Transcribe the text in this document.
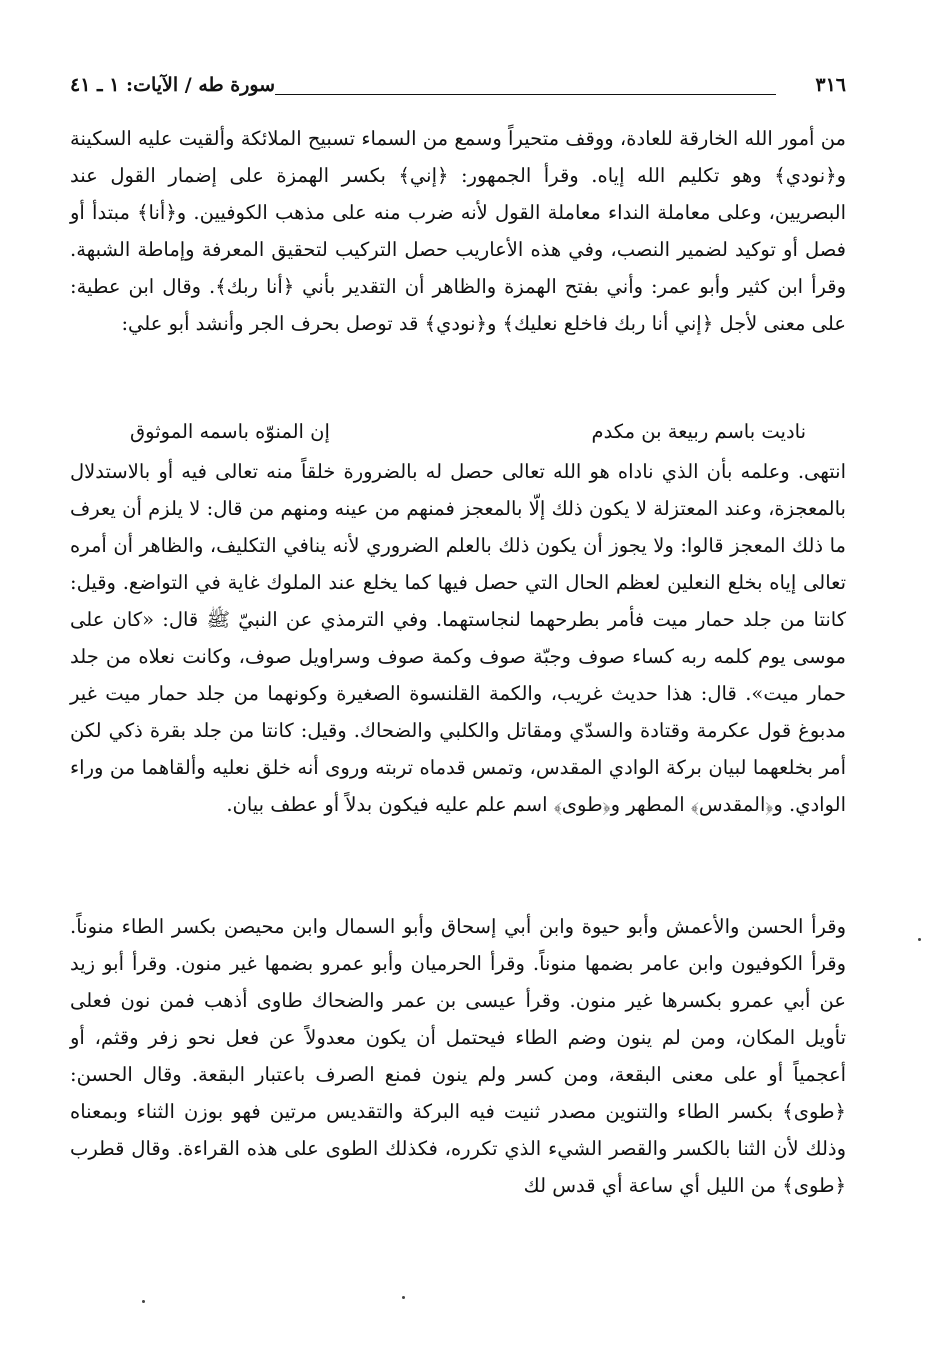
٣١٦
سورة طه / الآيات: ١ ـ ٤١

من أمور الله الخارقة للعادة، ووقف متحيراً وسمع من السماء تسبيح الملائكة وألقيت عليه السكينة و﴿نودي﴾ وهو تكليم الله إياه. وقرأ الجمهور: ﴿إني﴾ بكسر الهمزة على إضمار القول عند البصريين، وعلى معاملة النداء معاملة القول لأنه ضرب منه على مذهب الكوفيين. و﴿أنا﴾ مبتدأ أو فصل أو توكيد لضمير النصب، وفي هذه الأعاريب حصل التركيب لتحقيق المعرفة وإماطة الشبهة. وقرأ ابن كثير وأبو عمر: وأني بفتح الهمزة والظاهر أن التقدير بأني ﴿أنا ربك﴾. وقال ابن عطية: على معنى لأجل ﴿إني أنا ربك فاخلع نعليك﴾ و﴿نودي﴾ قد توصل بحرف الجر وأنشد أبو علي:

ناديت باسم ربيعة بن مكدم
إن المنوّه باسمه الموثوق

انتهى. وعلمه بأن الذي ناداه هو الله تعالى حصل له بالضرورة خلقاً منه تعالى فيه أو بالاستدلال بالمعجزة، وعند المعتزلة لا يكون ذلك إلّا بالمعجز فمنهم من عينه ومنهم من قال: لا يلزم أن يعرف ما ذلك المعجز قالوا: ولا يجوز أن يكون ذلك بالعلم الضروري لأنه ينافي التكليف، والظاهر أن أمره تعالى إياه بخلع النعلين لعظم الحال التي حصل فيها كما يخلع عند الملوك غاية في التواضع. وقيل: كانتا من جلد حمار ميت فأمر بطرحهما لنجاستهما. وفي الترمذي عن النبيّ ﷺ قال: «كان على موسى يوم كلمه ربه كساء صوف وجبّة صوف وكمة صوف وسراويل صوف، وكانت نعلاه من جلد حمار ميت». قال: هذا حديث غريب، والكمة القلنسوة الصغيرة وكونهما من جلد حمار ميت غير مدبوغ قول عكرمة وقتادة والسدّي ومقاتل والكلبي والضحاك. وقيل: كانتا من جلد بقرة ذكي لكن أمر بخلعهما لبيان بركة الوادي المقدس، وتمس قدماه تربته وروى أنه خلق نعليه وألقاهما من وراء الوادي. و﴿المقدس﴾ المطهر و﴿طوى﴾ اسم علم عليه فيكون بدلاً أو عطف بيان.

وقرأ الحسن والأعمش وأبو حيوة وابن أبي إسحاق وأبو السمال وابن محيصن بكسر الطاء منوناً. وقرأ الكوفيون وابن عامر بضمها منوناً. وقرأ الحرميان وأبو عمرو بضمها غير منون. وقرأ أبو زيد عن أبي عمرو بكسرها غير منون. وقرأ عيسى بن عمر والضحاك طاوى أذهب فمن نون فعلى تأويل المكان، ومن لم ينون وضم الطاء فيحتمل أن يكون معدولاً عن فعل نحو زفر وقثم، أو أعجمياً أو على معنى البقعة، ومن كسر ولم ينون فمنع الصرف باعتبار البقعة. وقال الحسن: ﴿طوى﴾ بكسر الطاء والتنوين مصدر ثنيت فيه البركة والتقديس مرتين فهو بوزن الثناء وبمعناه وذلك لأن الثنا بالكسر والقصر الشيء الذي تكرره، فكذلك الطوى على هذه القراءة. وقال قطرب ﴿طوى﴾ من الليل أي ساعة أي قدس لك
